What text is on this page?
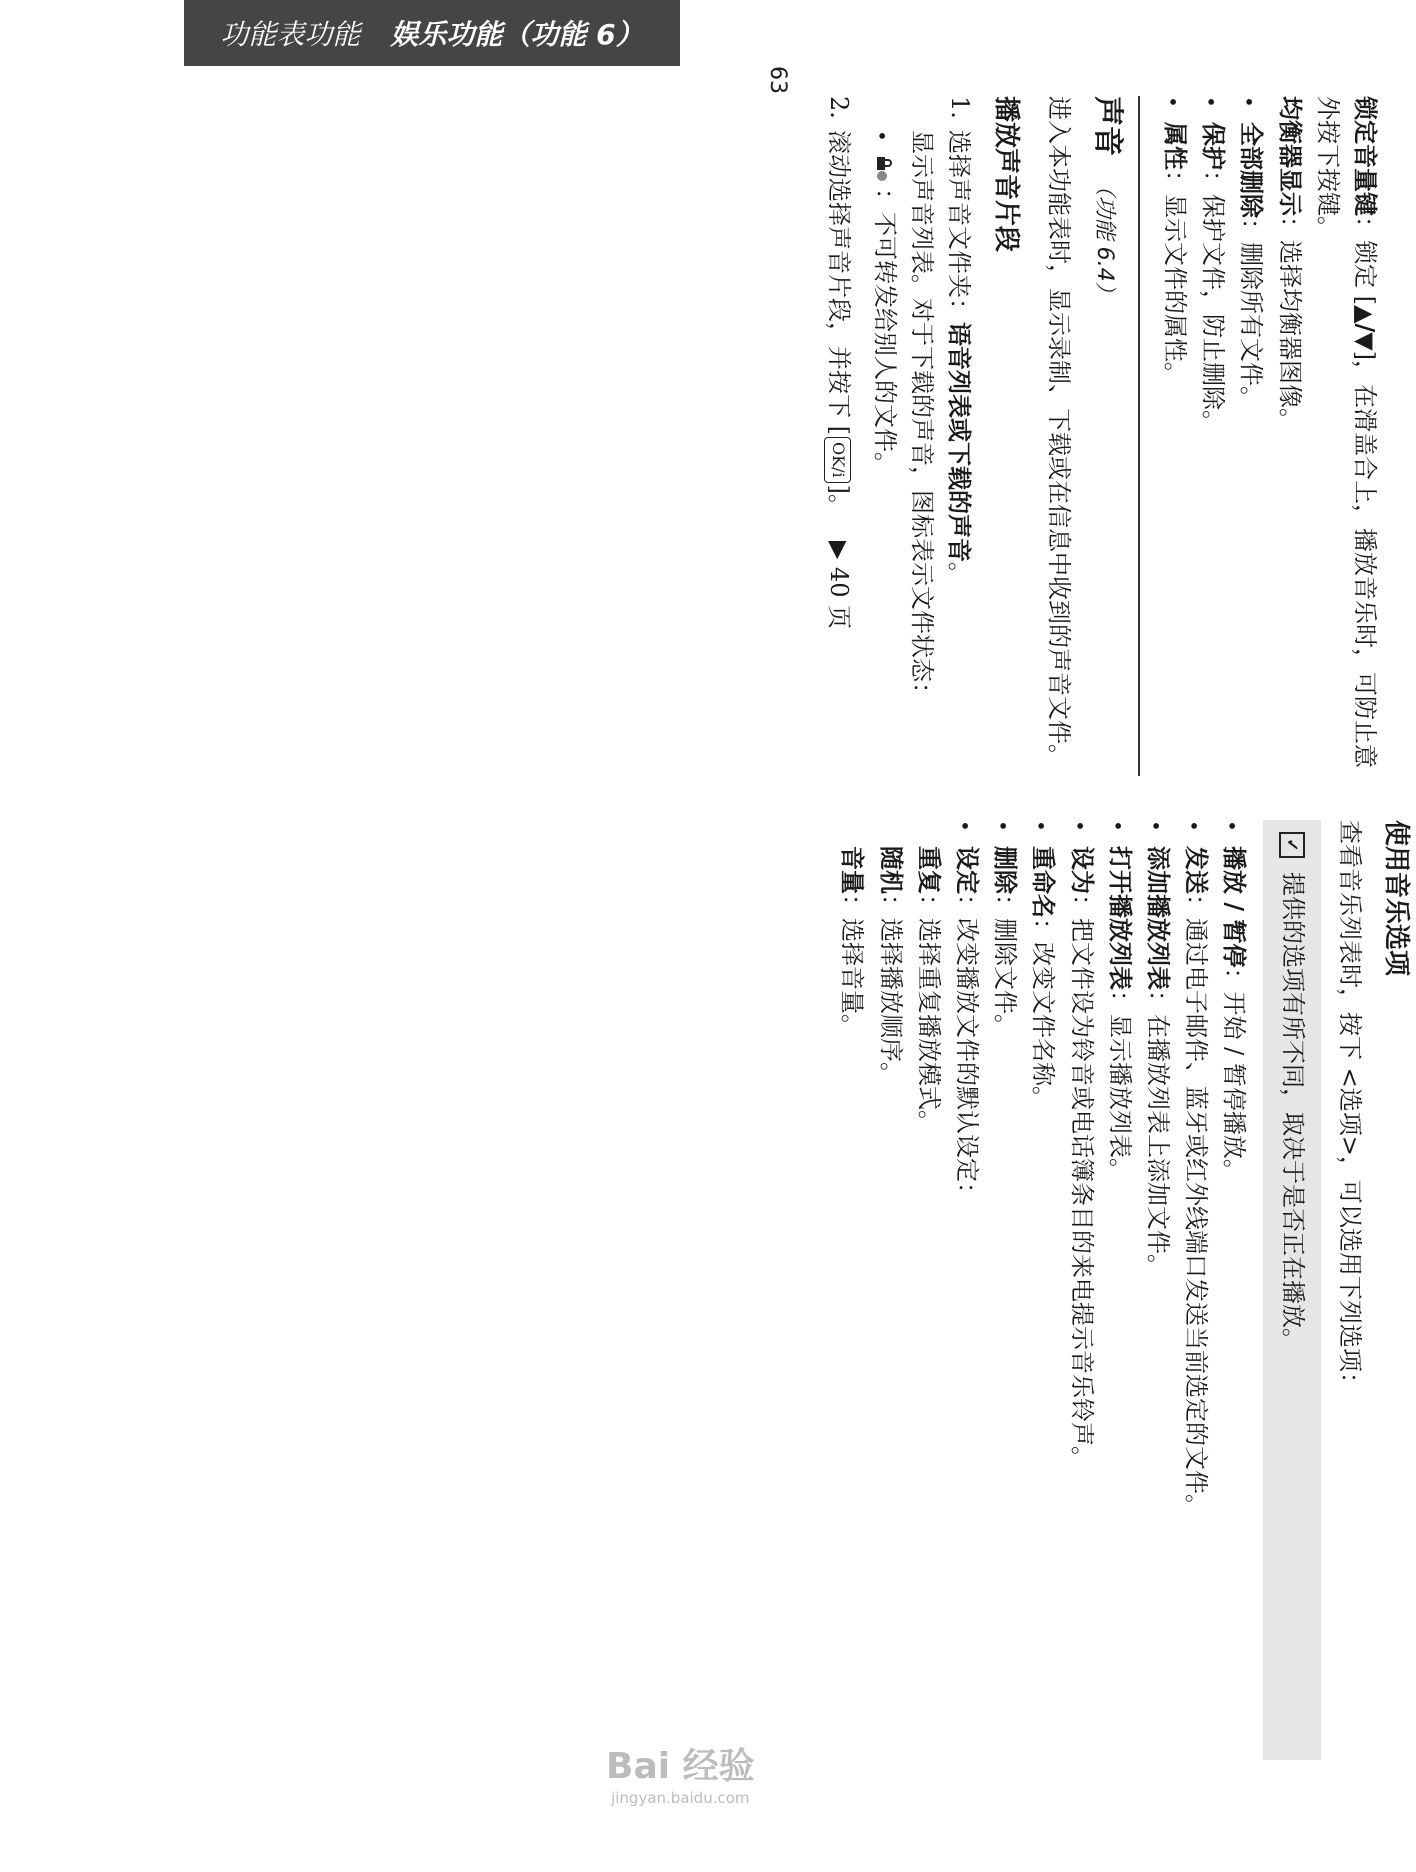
功能表功能 娱乐功能（功能 6）
63
锁定音量键：锁定 [▲/▼]，在滑盖合上，播放音乐时，可防止意外按下按键。
均衡器显示：选择均衡器图像。
•
全部删除：删除所有文件。
•
保护：保护文件，防止删除。
•
属性：显示文件的属性。
声音 （功能 6.4）
进入本功能表时，显示录制、下载或在信息中收到的声音文件。
播放声音片段
1.
选择声音文件夹：语音列表或下载的声音。
显示声音列表。对于下载的声音，图标表示文件状态：
•
：不可转发给别人的文件。
2.
滚动选择声音片段，并按下 [OK/i]。   ▶ 40 页
使用音乐选项
查看音乐列表时，按下 <选项>，可以选用下列选项：
✓
提供的选项有所不同，取决于是否正在播放。
•
播放 / 暂停：开始 / 暂停播放。
•
发送：通过电子邮件、蓝牙或红外线端口发送当前选定的文件。
•
添加播放列表：在播放列表上添加文件。
•
打开播放列表：显示播放列表。
•
设为：把文件设为铃音或电话簿条目的来电提示音乐铃声。
•
重命名：改变文件名称。
•
删除：删除文件。
•
设定：改变播放文件的默认设定：
重复：选择重复播放模式。
随机：选择播放顺序。
音量：选择音量。
Bai 经验
jingyan.baidu.com
